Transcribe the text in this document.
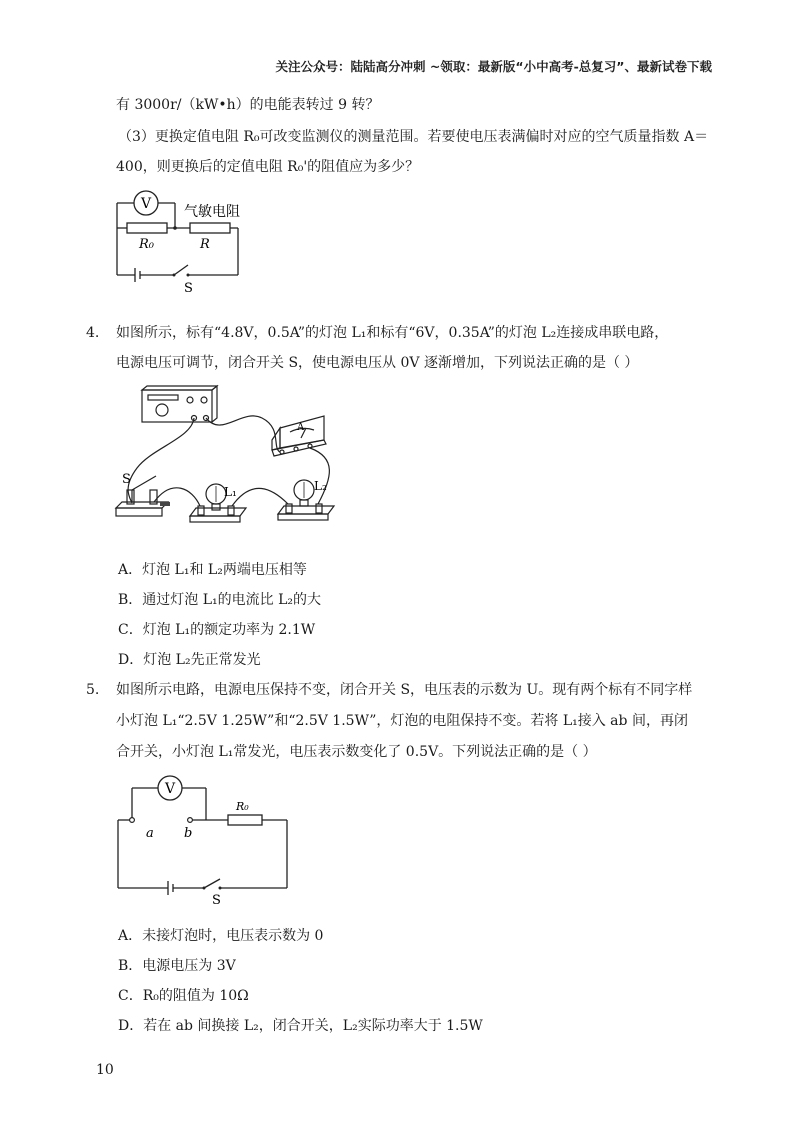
关注公众号：陆陆高分冲刺 ~领取：最新版“小中高考-总复习”、最新试卷下载
有 3000r/（kW•h）的电能表转过 9 转？
（3）更换定值电阻 R₀可改变监测仪的测量范围。若要使电压表满偏时对应的空气质量指数 A＝
400，则更换后的定值电阻 R₀'的阻值应为多少？
V
R₀	R
气敏电阻
S
4. 如图所示，标有“4.8V，0.5A”的灯泡 L₁和标有“6V，0.35A”的灯泡 L₂连接成串联电路，
电源电压可调节，闭合开关 S，使电源电压从 0V 逐渐增加，下列说法正确的是（ ）
A
S
L₁	L₂
A．灯泡 L₁和 L₂两端电压相等
B．通过灯泡 L₁的电流比 L₂的大
C．灯泡 L₁的额定功率为 2.1W
D．灯泡 L₂先正常发光
5. 如图所示电路，电源电压保持不变，闭合开关 S，电压表的示数为 U。现有两个标有不同字样
小灯泡 L₁“2.5V 1.25W”和“2.5V 1.5W”，灯泡的电阻保持不变。若将 L₁接入 ab 间，再闭
合开关，小灯泡 L₁常发光，电压表示数变化了 0.5V。下列说法正确的是（ ）
V
a b
R₀
S
A．未接灯泡时，电压表示数为 0
B．电源电压为 3V
C．R₀的阻值为 10Ω
D．若在 ab 间换接 L₂，闭合开关，L₂实际功率大于 1.5W
10
